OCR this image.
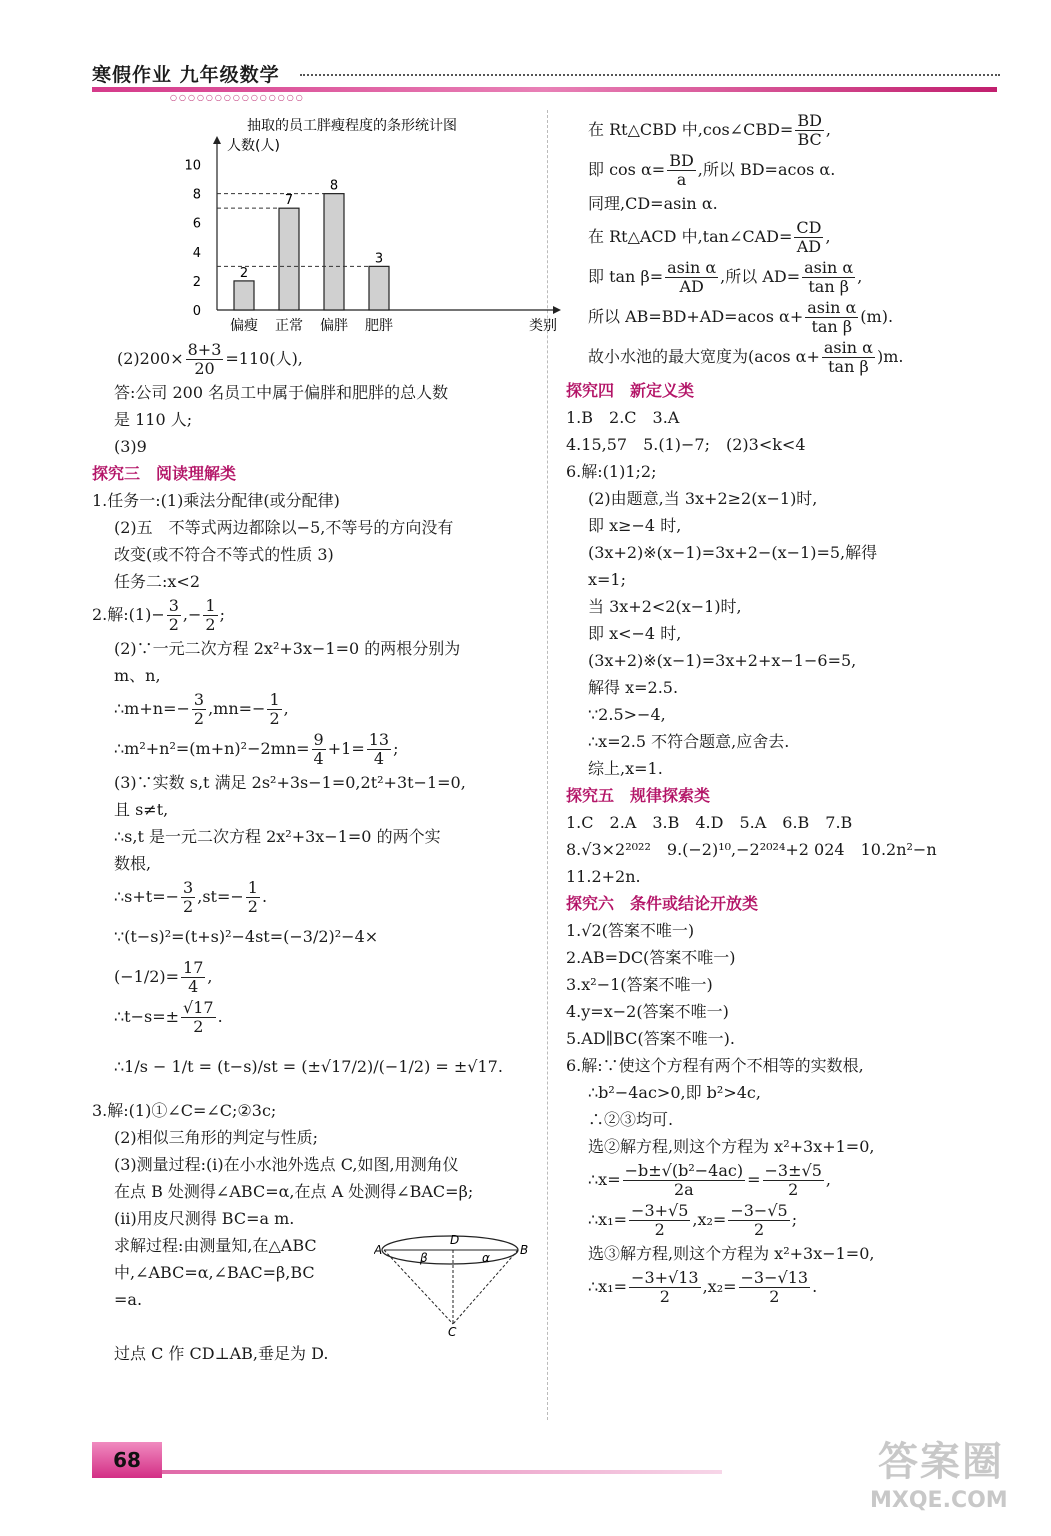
寒假作业 九年级数学
○○○○○○○○○○○○○○○
抽取的员工胖瘦程度的条形统计图
人数(人)
类别
0
2
4
6
8
10
2
偏瘦
7
正常
8
偏胖
3
肥胖
$(2)200\times \frac{8+3}{20} =110$(人),
答:公司 200 名员工中属于偏胖和肥胖的总人数
是 110 人;
(3)9
探究三　阅读理解类
1.任务一:(1)乘法分配律(或分配律)
(2)五　不等式两边都除以−5,不等号的方向没有
改变(或不符合不等式的性质 3)
任务二:x<2
2.解:(1)− $\frac{3}{2}$ ,− $\frac{1}{2}$ ;
(2)∵一元二次方程 2x²+3x−1=0 的两根分别为
m、n,
∴m+n=− $\frac{3}{2} ,mn=- \frac{1}{2}$ ,
∴m²+n²=(m+n)²−2mn= $\frac{9}{4} +1= \frac{13}{4}$ ;
(3)∵实数 s,t 满足 2s²+3s−1=0,2t²+3t−1=0,
且 s≠t,
∴s,t 是一元二次方程 2x²+3x−1=0 的两个实
数根,
∴s+t=− $\frac{3}{2} ,st=- \frac{1}{2}$ .
∵(t−s)²=(t+s)²−4st=(−3/2)²−4×
$(-1/2)= \frac{17}{4}$ ,
∴t−s=± $\frac{√17}{2}$ .
∴1/s − 1/t = (t−s)/st = (±√17/2)/(−1/2) = ±√17.
3.解:(1)①∠C=∠C;②3c;
(2)相似三角形的判定与性质;
(3)测量过程:(i)在小水池外选点 C,如图,用测角仪
在点 B 处测得∠ABC=α,在点 A 处测得∠BAC=β;
(ii)用皮尺测得 BC=a m.
求解过程:由测量知,在△ABC
中,∠ABC=α,∠BAC=β,BC
=a.
A	B
C
D
β	α
过点 C 作 CD⊥AB,垂足为 D.
在 Rt△CBD 中,cos∠CBD= $\frac{BD}{BC}$ ,
即 $\cos \alpha= \frac{BD}{a}$ ,所以 BD=acos α.
同理,CD=asin α.
在 Rt△ACD 中,tan∠CAD= $\frac{CD}{AD}$ ,
即 $\tan \beta= \frac{\text{asin α}}{AD}$ ,所以 $AD= \frac{\text{asin α}}{\text{tan β}}$ ,
所以 AB=BD+AD=acos $\alpha+ \frac{\text{asin α}}{\text{tan β}} (m)$.
故小水池的最大宽度为(acos $\alpha+ \frac{\text{asin α}}{\text{tan β}} )m$.
探究四　新定义类
1.B　2.C　3.A
4.15,57　5.(1)−7;　(2)3<k<4
6.解:(1)1;2;
(2)由题意,当 3x+2≥2(x−1)时,
即 x≥−4 时,
(3x+2)※(x−1)=3x+2−(x−1)=5,解得
x=1;
当 3x+2<2(x−1)时,
即 x<−4 时,
(3x+2)※(x−1)=3x+2+x−1−6=5,
解得 x=2.5.
∵2.5>−4,
∴x=2.5 不符合题意,应舍去.
综上,x=1.
探究五　规律探索类
1.C　2.A　3.B　4.D　5.A　6.B　7.B
8.√3×2²⁰²²　9.(−2)¹⁰,−2²⁰²⁴+2 024　10.2n²−n
11.2+2n.
探究六　条件或结论开放类
1.√2(答案不唯一)
2.AB=DC(答案不唯一)
3.x²−1(答案不唯一)
4.y=x−2(答案不唯一)
5.AD∥BC(答案不唯一).
6.解:∵使这个方程有两个不相等的实数根,
∴b²−4ac>0,即 b²>4c,
∴②③均可.
选②解方程,则这个方程为 x²+3x+1=0,
∴x= $\frac{\text{−b±√(b²−4ac)}}{2a} = \frac{-3\pm√5}{2}$ ,
∴x₁= $\frac{-3+√5}{2} ,x_2= \frac{-3-√5}{2}$ ;
选③解方程,则这个方程为 x²+3x−1=0,
∴x₁= $\frac{-3+√13}{2} ,x_2= \frac{-3-√13}{2}$ .
68	答案圈
MXQE.COM
